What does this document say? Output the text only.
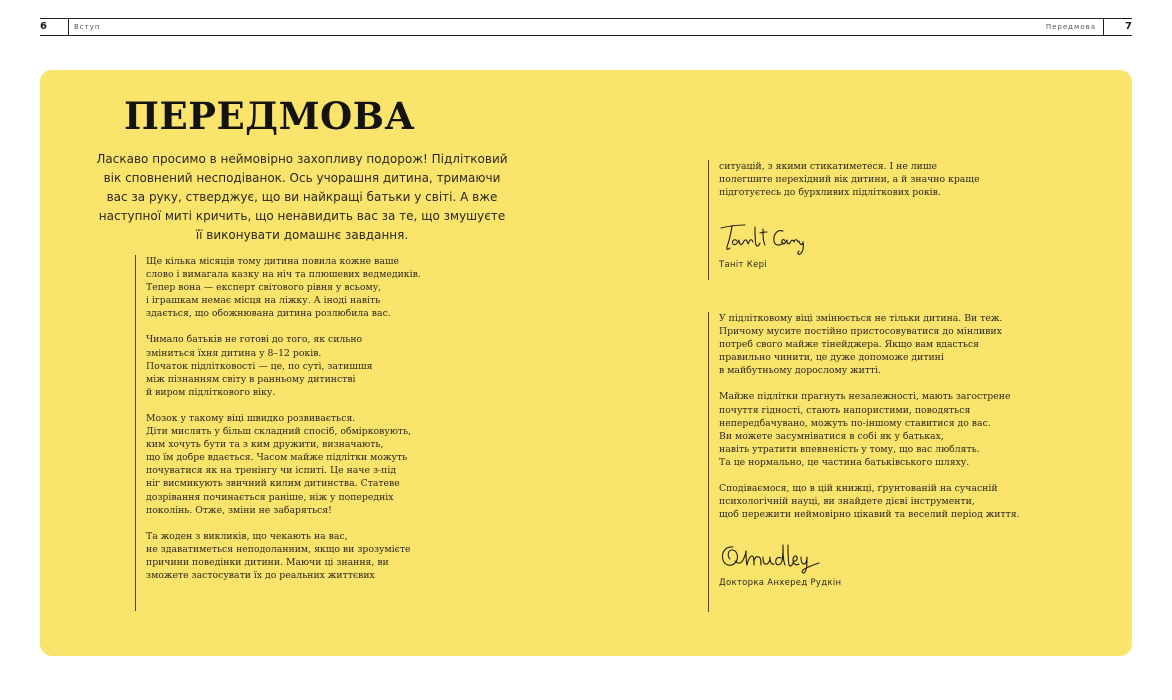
6	Вступ	Передмова	7
ПЕРЕДМОВА

Ласкаво просимо в неймовірно захопливу подорож! Підлітковий вік сповнений несподіванок. Ось учорашня дитина, тримаючи вас за руку, стверджує, що ви найкращі батьки у світі. А вже наступної миті кричить, що ненавидить вас за те, що змушуєте її виконувати домашнє завдання.

Ще кілька місяців тому дитина повила кожне ваше
слово і вимагала казку на ніч та плюшевих ведмедиків.
Тепер вона — експерт світового рівня у всьому,
і іграшкам немає місця на ліжку. А іноді навіть
здається, що обожнювана дитина розлюбила вас.

Чимало батьків не готові до того, як сильно
зміниться їхня дитина у 8–12 років.
Початок підлітковості — це, по суті, затишшя
між пізнанням світу в ранньому дитинстві
й виром підліткового віку.

Мозок у такому віці швидко розвивається.
Діти мислять у більш складний спосіб, обмірковують,
ким хочуть бути та з ким дружити, визначають,
що їм добре вдається. Часом майже підлітки можуть
почуватися як на тренінгу чи іспиті. Це наче з-під
ніг висмикують звичний килим дитинства. Статеве
дозрівання починається раніше, ніж у попередніх
поколінь. Отже, зміни не забаряться!

Та жоден з викликів, що чекають на вас,
не здаватиметься неподоланним, якщо ви зрозумієте
причини поведінки дитини. Маючи ці знання, ви
зможете застосувати їх до реальних життєвих

ситуацій, з якими стикатиметеся. І не лише
полегшите перехідний вік дитини, а й значно краще
підготуєтесь до бурхливих підліткових років.

Таніт Кері

У підлітковому віці змінюється не тільки дитина. Ви теж.
Причому мусите постійно пристосовуватися до мінливих
потреб свого майже тінейджера. Якщо вам вдасться
правильно чинити, це дуже допоможе дитині
в майбутньому дорослому житті.

Майже підлітки прагнуть незалежності, мають загострене
почуття гідності, стають напористими, поводяться
непередбачувано, можуть по-іншому ставитися до вас.
Ви можете засумніватися в собі як у батьках,
навіть утратити впевненість у тому, що вас люблять.
Та це нормально, це частина батьківського шляху.

Сподіваємося, що в цій книжці, ґрунтованій на сучасній
психологічній науці, ви знайдете дієві інструменти,
щоб пережити неймовірно цікавий та веселий період життя.

Докторка Анхеред Рудкін
